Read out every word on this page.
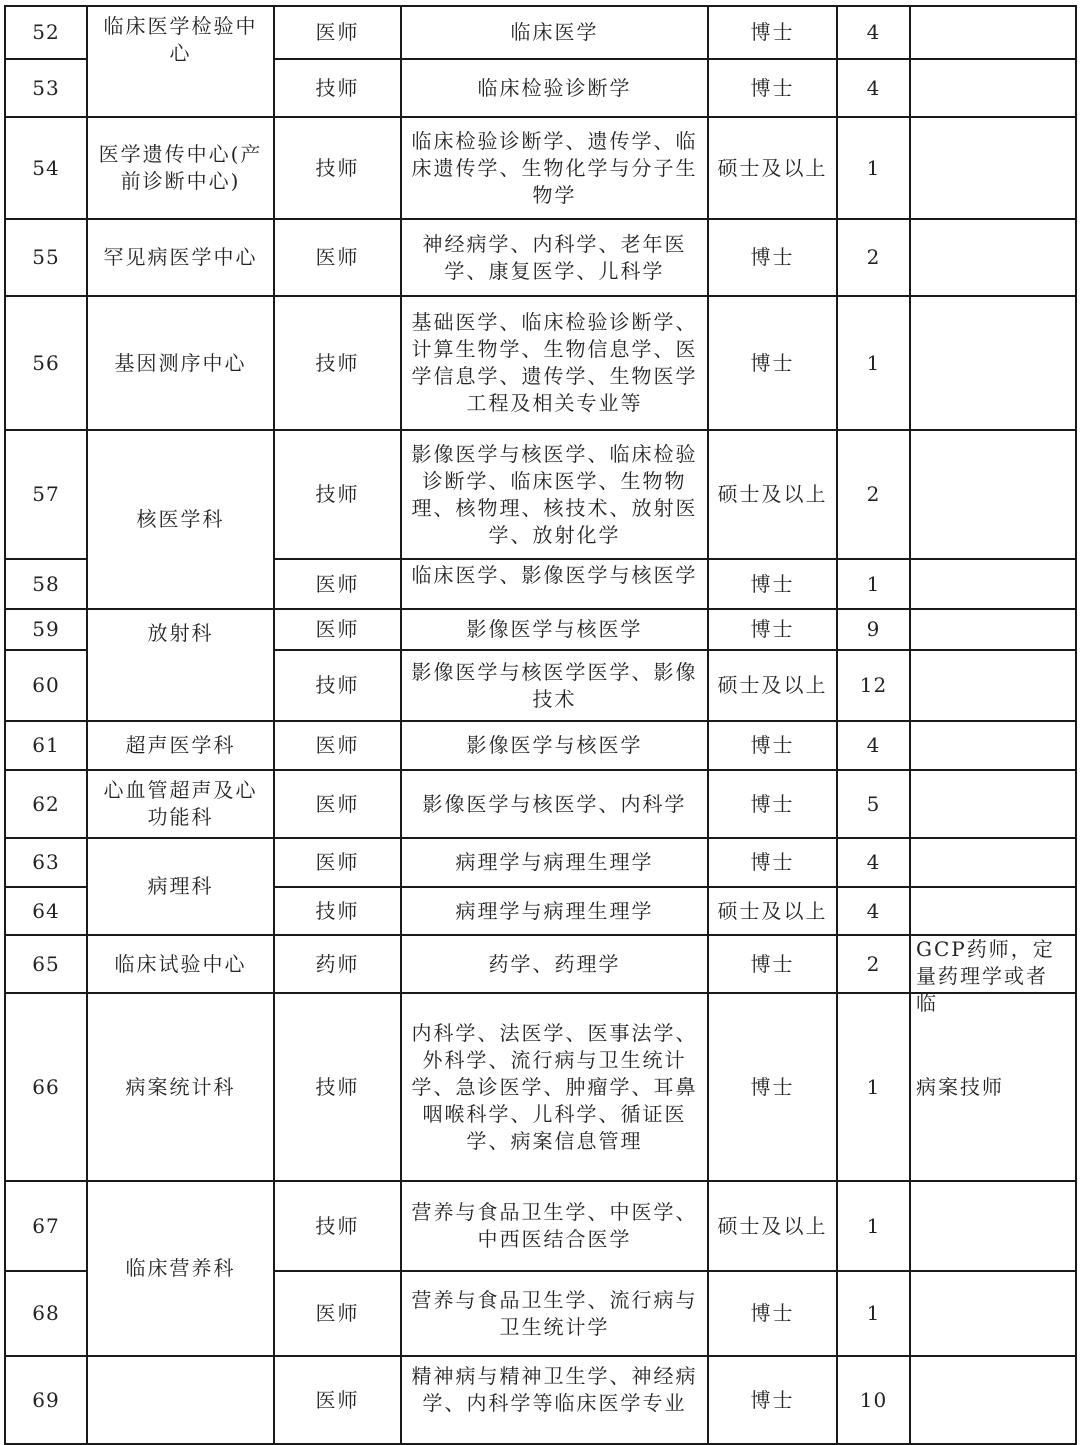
52	临床医学检验中心	医师	临床医学	博士	4	
53		技师	临床检验诊断学	博士	4	
54	医学遗传中心(产前诊断中心)	技师	临床检验诊断学、遗传学、临床遗传学、生物化学与分子生物学	硕士及以上	1	
55	罕见病医学中心	医师	神经病学、内科学、老年医学、康复医学、儿科学	博士	2	
56	基因测序中心	技师	基础医学、临床检验诊断学、计算生物学、生物信息学、医学信息学、遗传学、生物医学工程及相关专业等	博士	1	
57	核医学科	技师	影像医学与核医学、临床检验诊断学、临床医学、生物物理、核物理、核技术、放射医学、放射化学	硕士及以上	2	
58		医师	临床医学、影像医学与核医学	博士	1	
59	放射科	医师	影像医学与核医学	博士	9	
60		技师	影像医学与核医学医学、影像技术	硕士及以上	12	
61	超声医学科	医师	影像医学与核医学	博士	4	
62	心血管超声及心功能科	医师	影像医学与核医学、内科学	博士	5	
63	病理科	医师	病理学与病理生理学	博士	4	
64		技师	病理学与病理生理学	硕士及以上	4	
65	临床试验中心	药师	药学、药理学	博士	2	GCP药师，定量药理学或者临

66	病案统计科	技师	内科学、法医学、医事法学、外科学、流行病与卫生统计学、急诊医学、肿瘤学、耳鼻咽喉科学、儿科学、循证医学、病案信息管理	博士	1	病案技师
67	临床营养科	技师	营养与食品卫生学、中医学、中西医结合医学	硕士及以上	1	
68		医师	营养与食品卫生学、流行病与卫生统计学	博士	1	
69		医师	精神病与精神卫生学、神经病学、内科学等临床医学专业	博士	10	
